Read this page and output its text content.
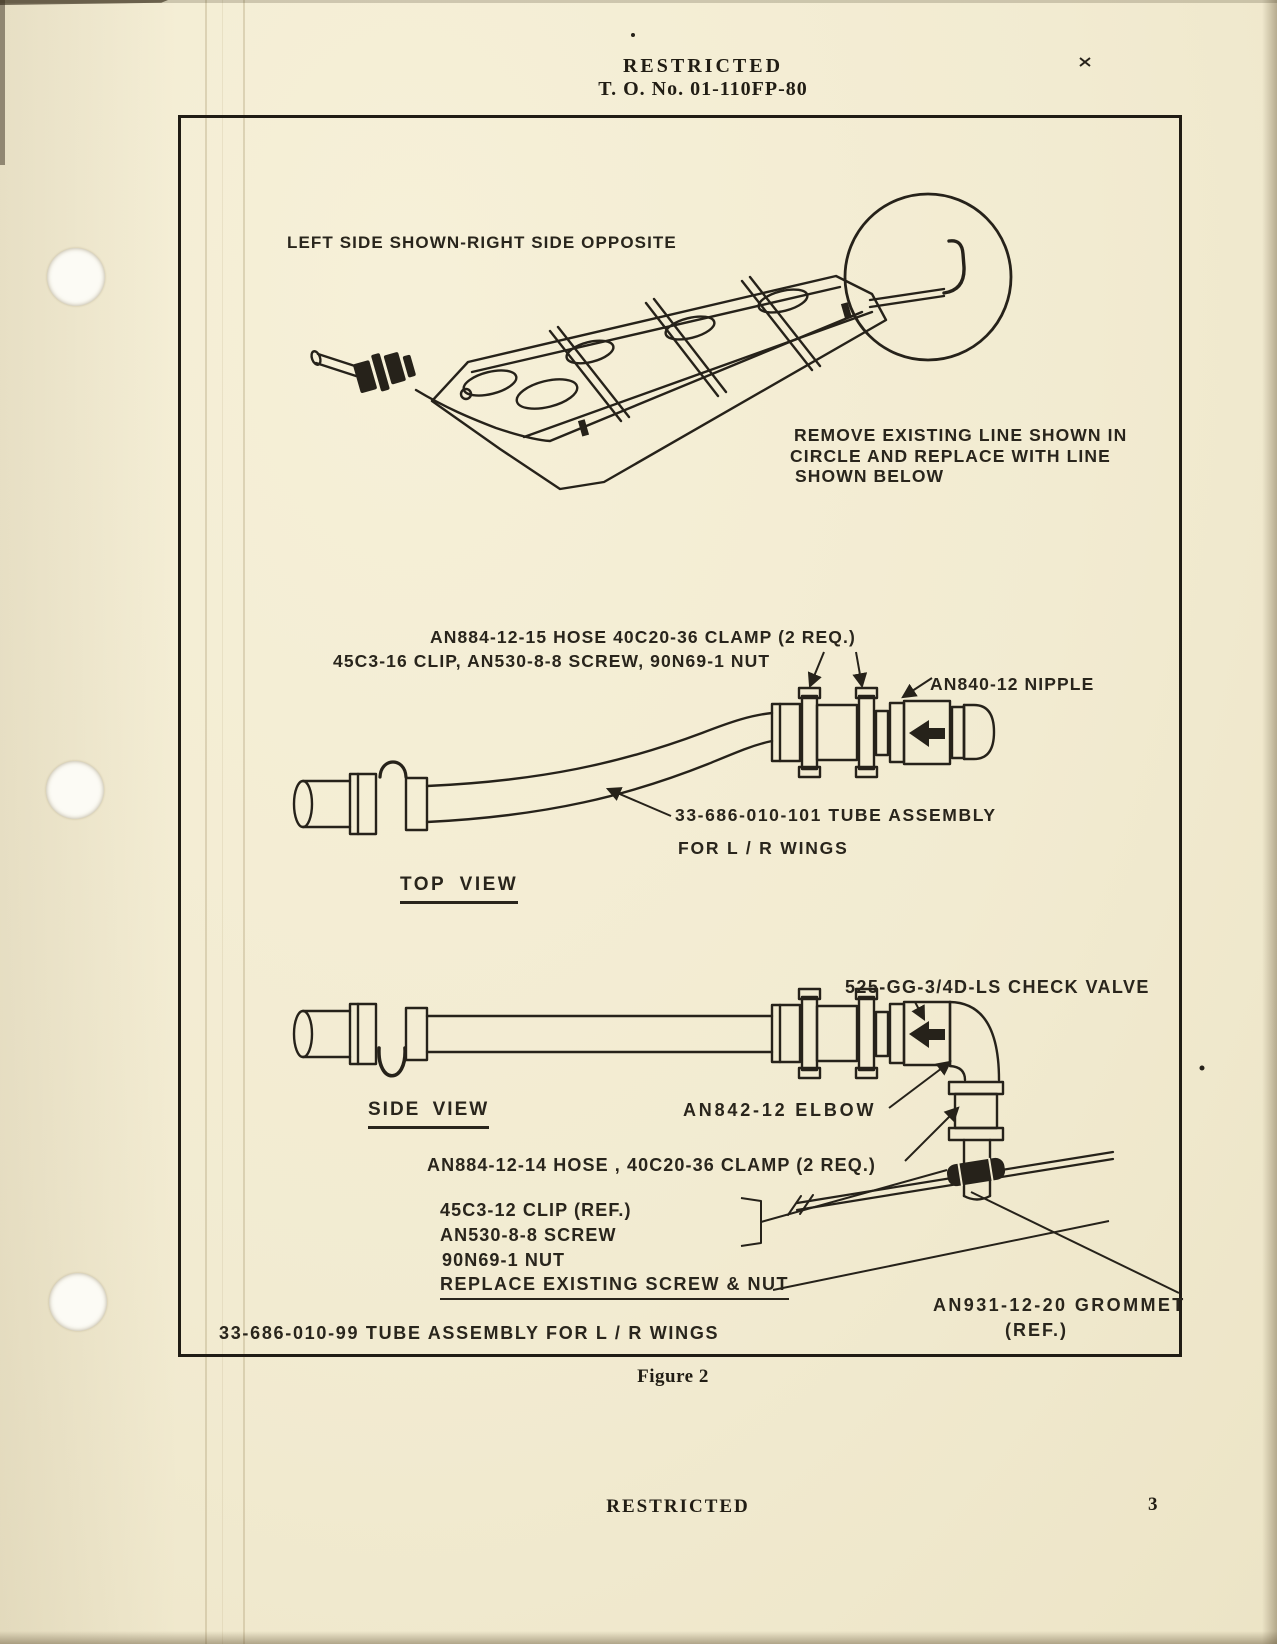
RESTRICTED
T. O. No. 01-110FP-80
LEFT SIDE SHOWN-RIGHT SIDE OPPOSITE
REMOVE EXISTING LINE SHOWN IN
CIRCLE AND REPLACE WITH LINE
SHOWN BELOW
AN884-12-15 HOSE 40C20-36 CLAMP (2 REQ.)
45C3-16 CLIP, AN530-8-8 SCREW, 90N69-1 NUT
AN840-12 NIPPLE
33-686-010-101 TUBE ASSEMBLY
FOR L / R WINGS
TOP VIEW
525-GG-3/4D-LS CHECK VALVE
SIDE VIEW	AN842-12 ELBOW
AN884-12-14 HOSE , 40C20-36 CLAMP (2 REQ.)
45C3-12 CLIP (REF.)
AN530-8-8 SCREW
90N69-1 NUT
REPLACE EXISTING SCREW & NUT
33-686-010-99 TUBE ASSEMBLY FOR L / R WINGS
AN931-12-20 GROMMET
(REF.)
Figure 2
RESTRICTED	3
